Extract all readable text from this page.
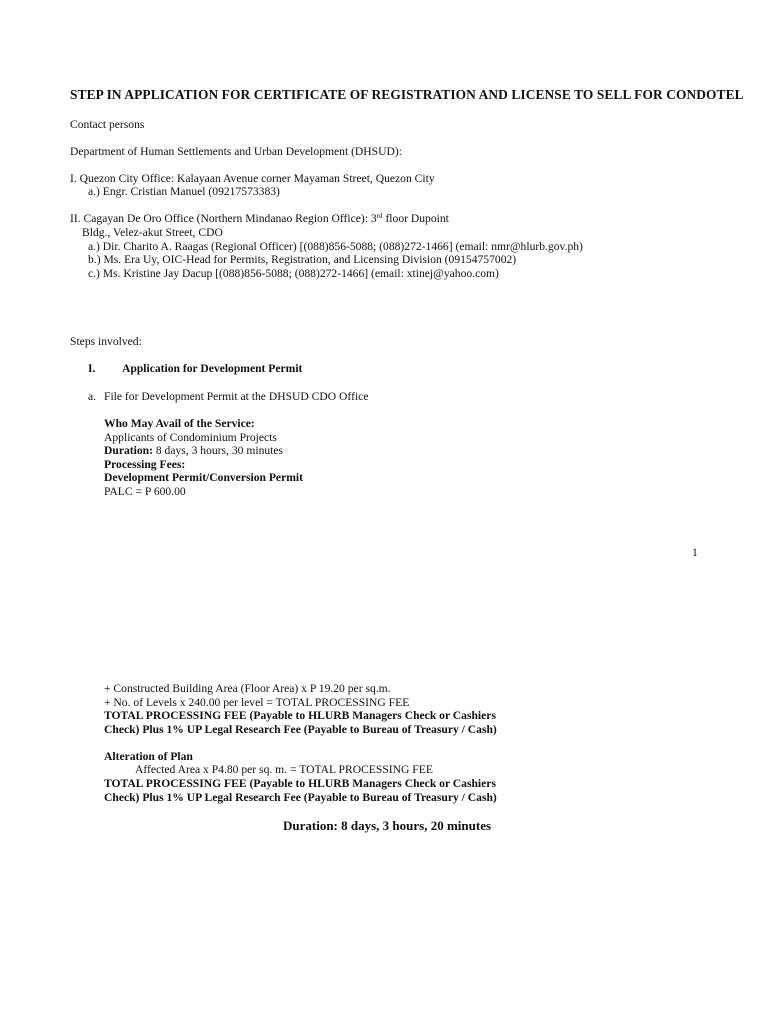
STEP IN APPLICATION FOR CERTIFICATE OF REGISTRATION AND LICENSE TO SELL FOR CONDOTEL
Contact persons
Department of Human Settlements and Urban Development (DHSUD):
I. Quezon City Office: Kalayaan Avenue corner Mayaman Street, Quezon City
a.) Engr. Cristian Manuel (09217573383)
II. Cagayan De Oro Office (Northern Mindanao Region Office): 3rd floor Dupoint
Bldg., Velez-akut Street, CDO
a.) Dir. Charito A. Raagas (Regional Officer) [(088)856-5088; (088)272-1466] (email: nmr@hlurb.gov.ph)
b.) Ms. Era Uy, OIC-Head for Permits, Registration, and Licensing Division (09154757002)
c.) Ms. Kristine Jay Dacup [(088)856-5088; (088)272-1466] (email: xtinej@yahoo.com)
Steps involved:
I. Application for Development Permit
a. File for Development Permit at the DHSUD CDO Office
Who May Avail of the Service:
Applicants of Condominium Projects
Duration: 8 days, 3 hours, 30 minutes
Processing Fees:
Development Permit/Conversion Permit
PALC = P 600.00
1
+ Constructed Building Area (Floor Area) x P 19.20 per sq.m.
+ No. of Levels x 240.00 per level = TOTAL PROCESSING FEE
TOTAL PROCESSING FEE (Payable to HLURB Managers Check or Cashiers
Check) Plus 1% UP Legal Research Fee (Payable to Bureau of Treasury / Cash)
Alteration of Plan
Affected Area x P4.80 per sq. m. = TOTAL PROCESSING FEE
TOTAL PROCESSING FEE (Payable to HLURB Managers Check or Cashiers
Check) Plus 1% UP Legal Research Fee (Payable to Bureau of Treasury / Cash)
Duration: 8 days, 3 hours, 20 minutes
